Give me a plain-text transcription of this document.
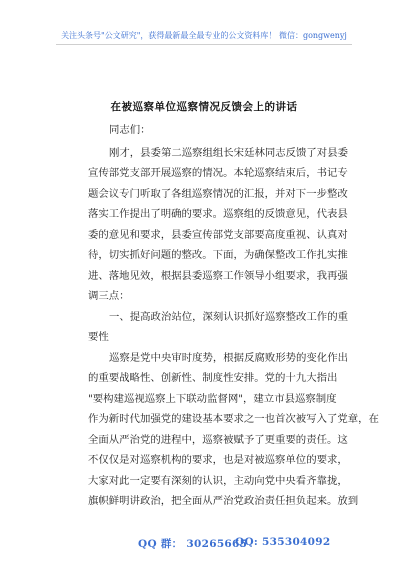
关注头条号"公文研究"，获得最新最全最专业的公文资料库！ 微信：gongwenyj
在被巡察单位巡察情况反馈会上的讲话
同志们：
刚才，县委第二巡察组组长宋廷林同志反馈了对县委
宣传部党支部开展巡察的情况。本轮巡察结束后，书记专
题会议专门听取了各组巡察情况的汇报，并对下一步整改
落实工作提出了明确的要求。巡察组的反馈意见，代表县
委的意见和要求，县委宣传部党支部要高度重视、认真对
待，切实抓好问题的整改。下面，为确保整改工作扎实推
进、落地见效，根据县委巡察工作领导小组要求，我再强
调三点：
一、提高政治站位，深刻认识抓好巡察整改工作的重
要性
巡察是党中央审时度势，根据反腐败形势的变化作出
的重要战略性、创新性、制度性安排。党的十九大指出
"要构建巡视巡察上下联动监督网"，建立市县巡察制度
作为新时代加强党的建设基本要求之一也首次被写入了党章，在
全面从严治党的进程中，巡察被赋予了更重要的责任。这
不仅仅是对巡察机构的要求，也是对被巡察单位的要求，
大家对此一定要有深刻的认识，主动向党中央看齐靠拢，
旗帜鲜明讲政治，把全面从严治党政治责任担负起来。放到
QQ 群： 30265665
QQ: 535304092
